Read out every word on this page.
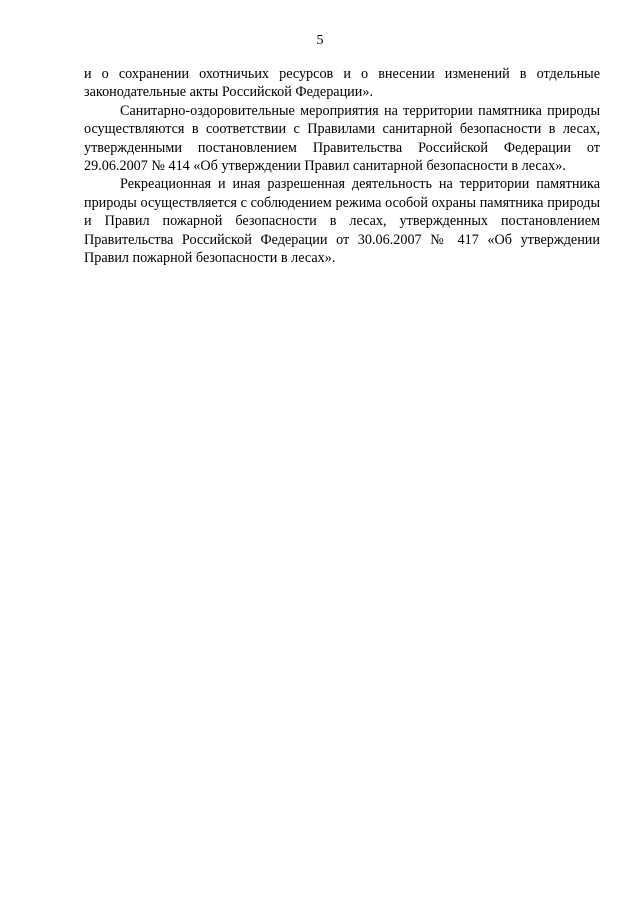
5

и о сохранении охотничьих ресурсов и о внесении изменений в отдельные законодательные акты Российской Федерации».

Санитарно-оздоровительные мероприятия на территории памятника природы осуществляются в соответствии с Правилами санитарной безопасности в лесах, утвержденными постановлением Правительства Российской Федерации от 29.06.2007 № 414 «Об утверждении Правил санитарной безопасности в лесах».

Рекреационная и иная разрешенная деятельность на территории памятника природы осуществляется с соблюдением режима особой охраны памятника природы и Правил пожарной безопасности в лесах, утвержденных постановлением Правительства Российской Федерации от 30.06.2007 № 417 «Об утверждении Правил пожарной безопасности в лесах».
